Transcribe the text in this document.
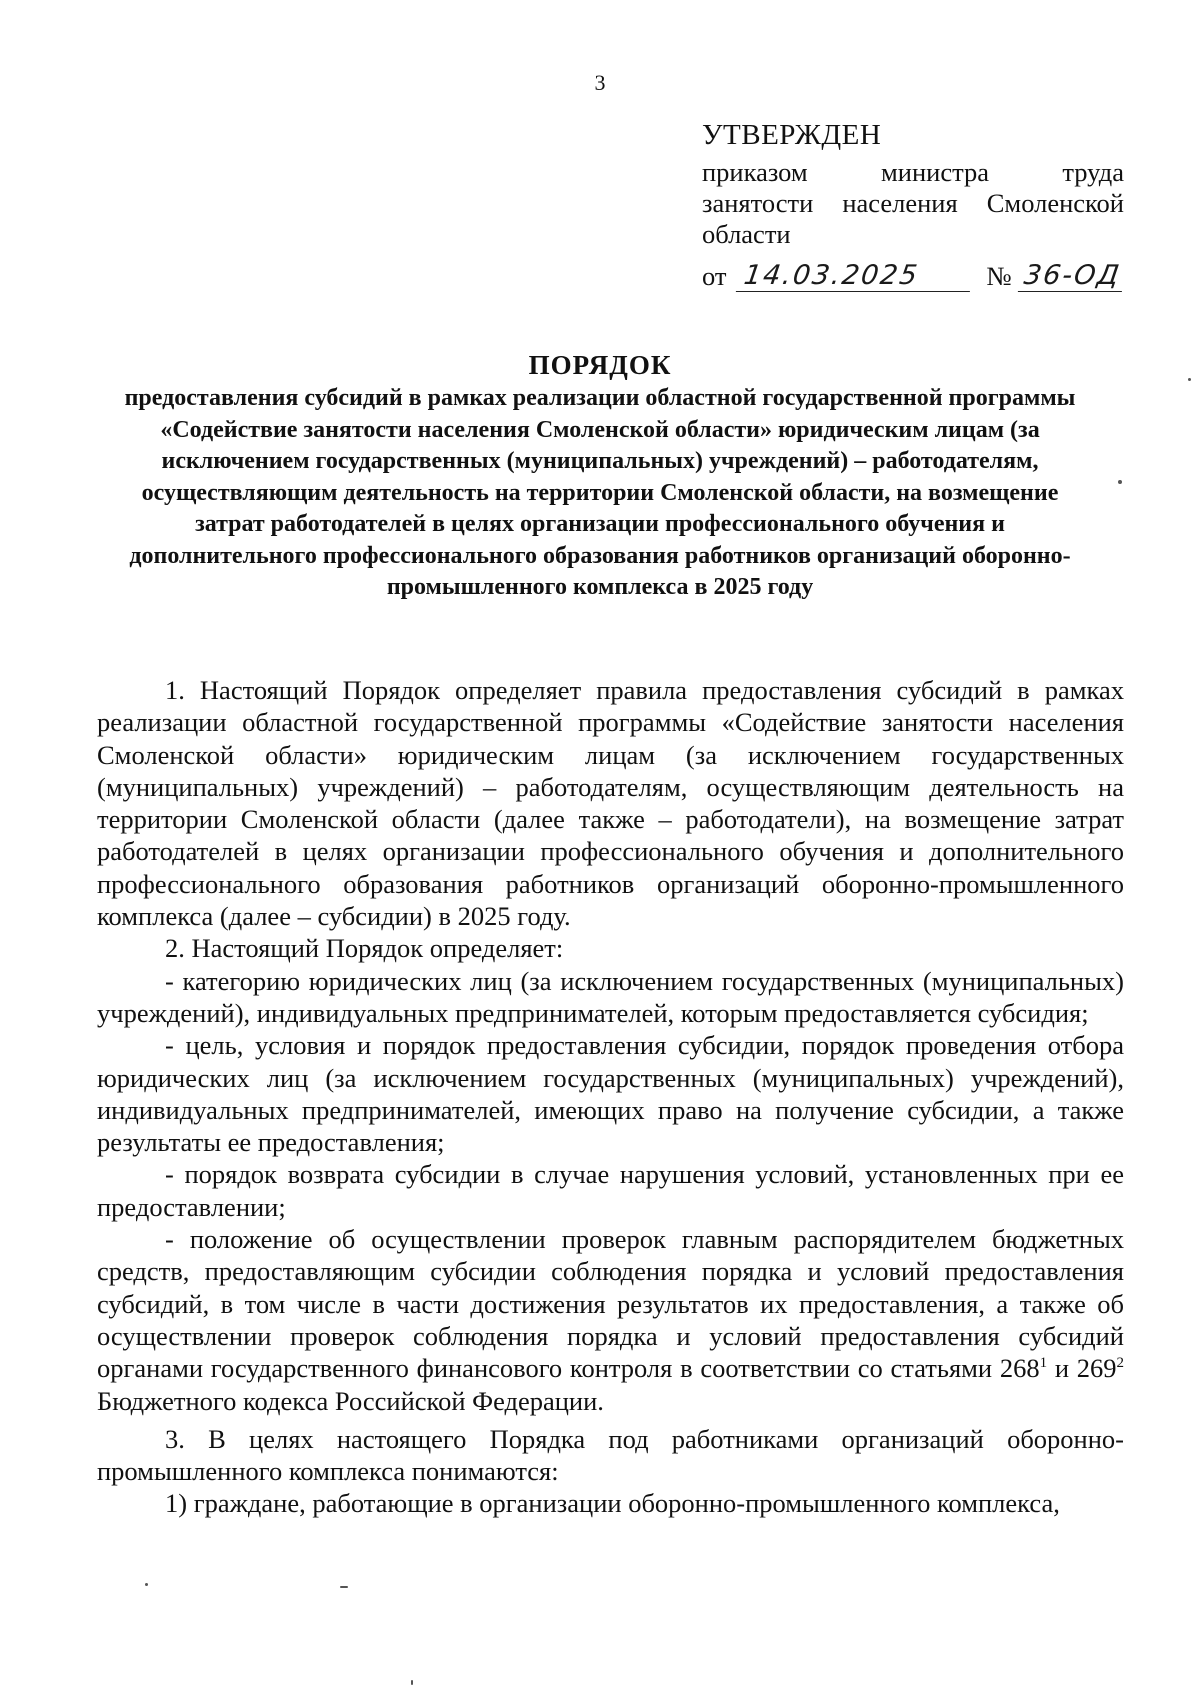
3
УТВЕРЖДЕН
приказом министра труда
занятости населения Смоленской
области
от 14.03.2025	№ 36-ОД
ПОРЯДОК
предоставления субсидий в рамках реализации областной государственной программы «Содействие занятости населения Смоленской области» юридическим лицам (за исключением государственных (муниципальных) учреждений) – работодателям, осуществляющим деятельность на территории Смоленской области, на возмещение затрат работодателей в целях организации профессионального обучения и дополнительного профессионального образования работников организаций оборонно-промышленного комплекса в 2025 году

1. Настоящий Порядок определяет правила предоставления субсидий в рамках реализации областной государственной программы «Содействие занятости населения Смоленской области» юридическим лицам (за исключением государственных (муниципальных) учреждений) – работодателям, осуществляющим деятельность на территории Смоленской области (далее также – работодатели), на возмещение затрат работодателей в целях организации профессионального обучения и дополнительного профессионального образования работников организаций оборонно-промышленного комплекса (далее – субсидии) в 2025 году.

2. Настоящий Порядок определяет:

- категорию юридических лиц (за исключением государственных (муниципальных) учреждений), индивидуальных предпринимателей, которым предоставляется субсидия;

- цель, условия и порядок предоставления субсидии, порядок проведения отбора юридических лиц (за исключением государственных (муниципальных) учреждений), индивидуальных предпринимателей, имеющих право на получение субсидии, а также результаты ее предоставления;

- порядок возврата субсидии в случае нарушения условий, установленных при ее предоставлении;

- положение об осуществлении проверок главным распорядителем бюджетных средств, предоставляющим субсидии соблюдения порядка и условий предоставления субсидий, в том числе в части достижения результатов их предоставления, а также об осуществлении проверок соблюдения порядка и условий предоставления субсидий органами государственного финансового контроля в соответствии со статьями $268^1$ и $269^2$ Бюджетного кодекса Российской Федерации.

3. В целях настоящего Порядка под работниками организаций оборонно-промышленного комплекса понимаются:

1) граждане, работающие в организации оборонно-промышленного комплекса,
